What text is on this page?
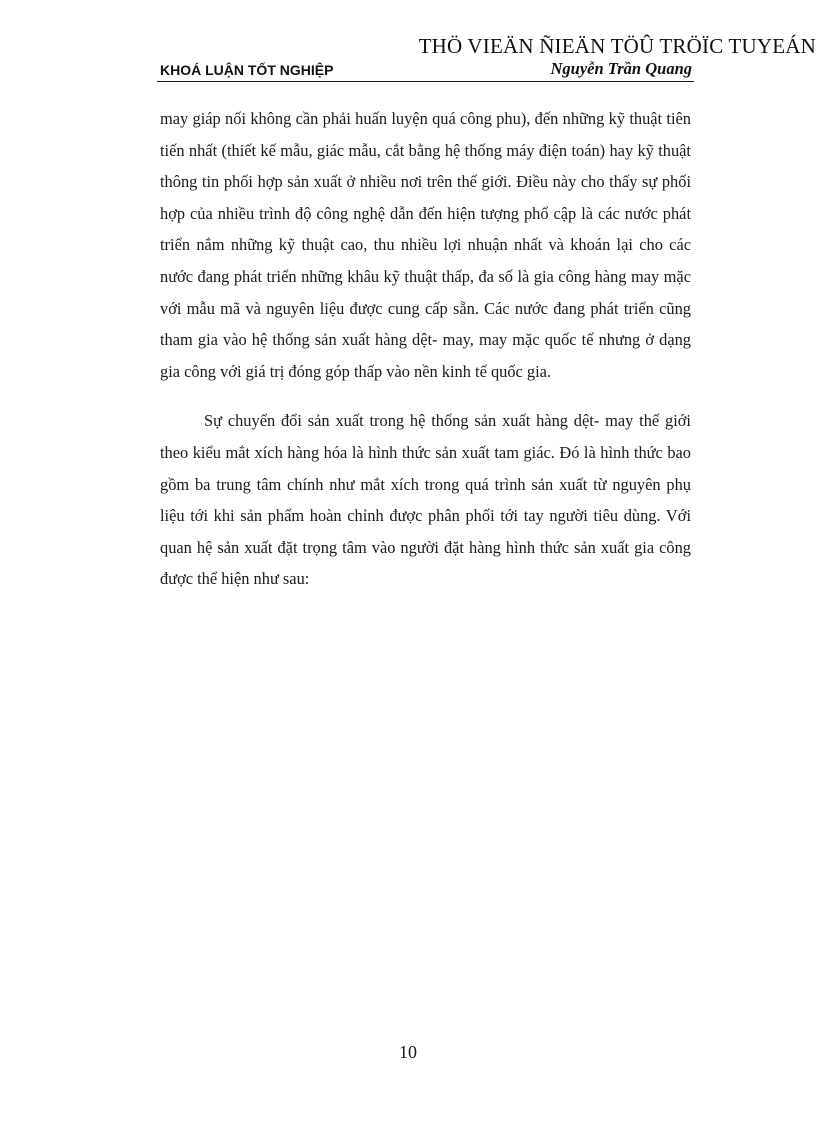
THÖ VIEÄN ÑIEÄN TÖÛ TRÖÏC TUYEÁN
KHOÁ LUẬN TỐT NGHIỆP	Nguyễn Trần Quang

may giáp nối không cần phải huấn luyện quá công phu), đến những kỹ thuật tiên tiến nhất (thiết kế mẫu, giác mẫu, cắt bằng hệ thống máy điện toán) hay kỹ thuật thông tin phối hợp sản xuất ở nhiều nơi trên thế giới. Điều này cho thấy sự phối hợp của nhiều trình độ công nghệ dẫn đến hiện tượng phổ cập là các nước phát triển nắm những kỹ thuật cao, thu nhiều lợi nhuận nhất và khoán lại cho các nước đang phát triển những khâu kỹ thuật thấp, đa số là gia công hàng may mặc với mẫu mã và nguyên liệu được cung cấp sẵn. Các nước đang phát triển cũng tham gia vào hệ thống sản xuất hàng dệt- may, may mặc quốc tế nhưng ở dạng gia công với giá trị đóng góp thấp vào nền kinh tế quốc gia.

Sự chuyển đổi sản xuất trong hệ thống sản xuất hàng dệt- may thế giới theo kiểu mắt xích hàng hóa là hình thức sản xuất tam giác. Đó là hình thức bao gồm ba trung tâm chính như mắt xích trong quá trình sản xuất từ nguyên phụ liệu tới khi sản phẩm hoàn chỉnh được phân phối tới tay người tiêu dùng. Với quan hệ sản xuất đặt trọng tâm vào người đặt hàng hình thức sản xuất gia công được thể hiện như sau:

10
